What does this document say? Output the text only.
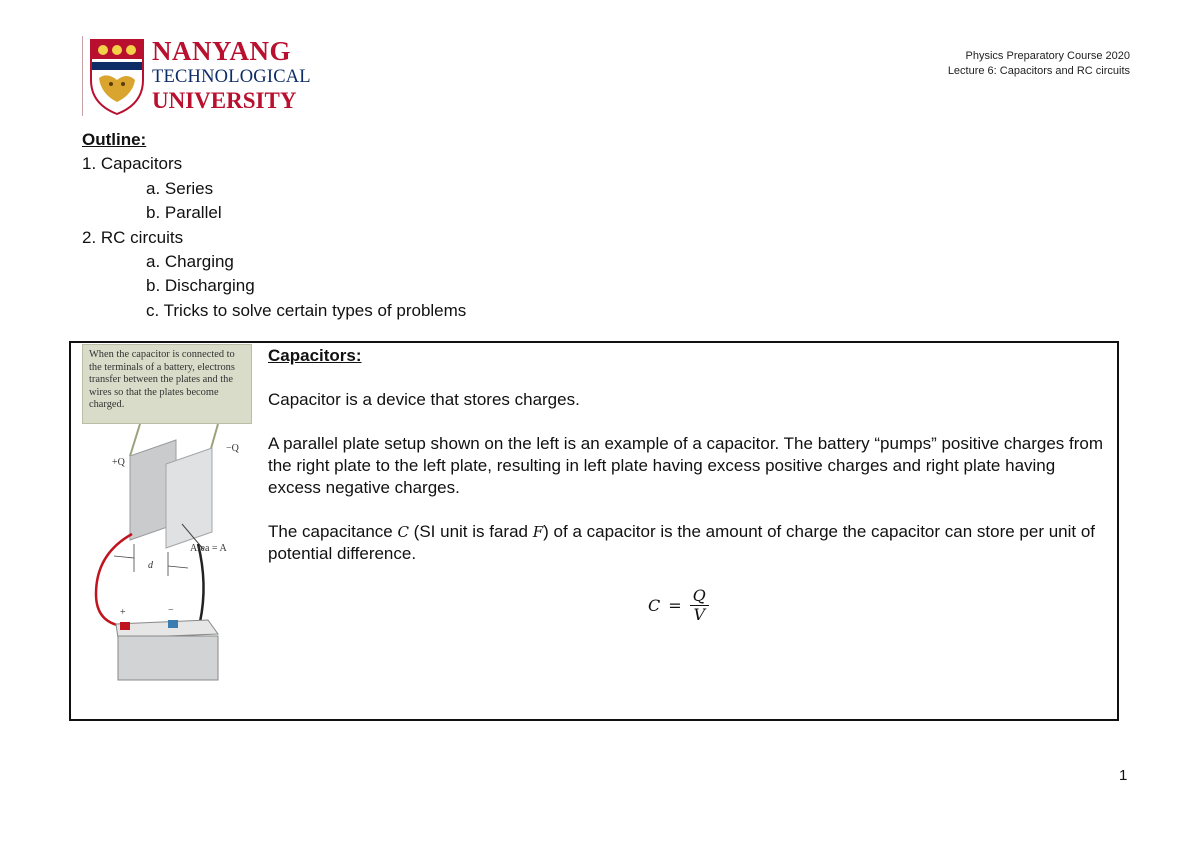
NANYANG
TECHNOLOGICAL
UNIVERSITY
Physics Preparatory Course 2020
Lecture 6: Capacitors and RC circuits
Outline:
1. Capacitors
a. Series
b. Parallel
2. RC circuits
a. Charging
b. Discharging
c. Tricks to solve certain types of problems
When the capacitor is connected to the terminals of a battery, electrons transfer between the plates and the wires so that the plates become charged.
+Q
−Q
Area = A
d
+	−

Capacitors:

Capacitor is a device that stores charges.

A parallel plate setup shown on the left is an example of a capacitor. The battery “pumps” positive charges from the right plate to the left plate, resulting in left plate having excess positive charges and right plate having excess negative charges.

The capacitance C (SI unit is farad F) of a capacitor is the amount of charge the capacitor can store per unit of potential difference.

$C = \frac{Q}{V}$
1
